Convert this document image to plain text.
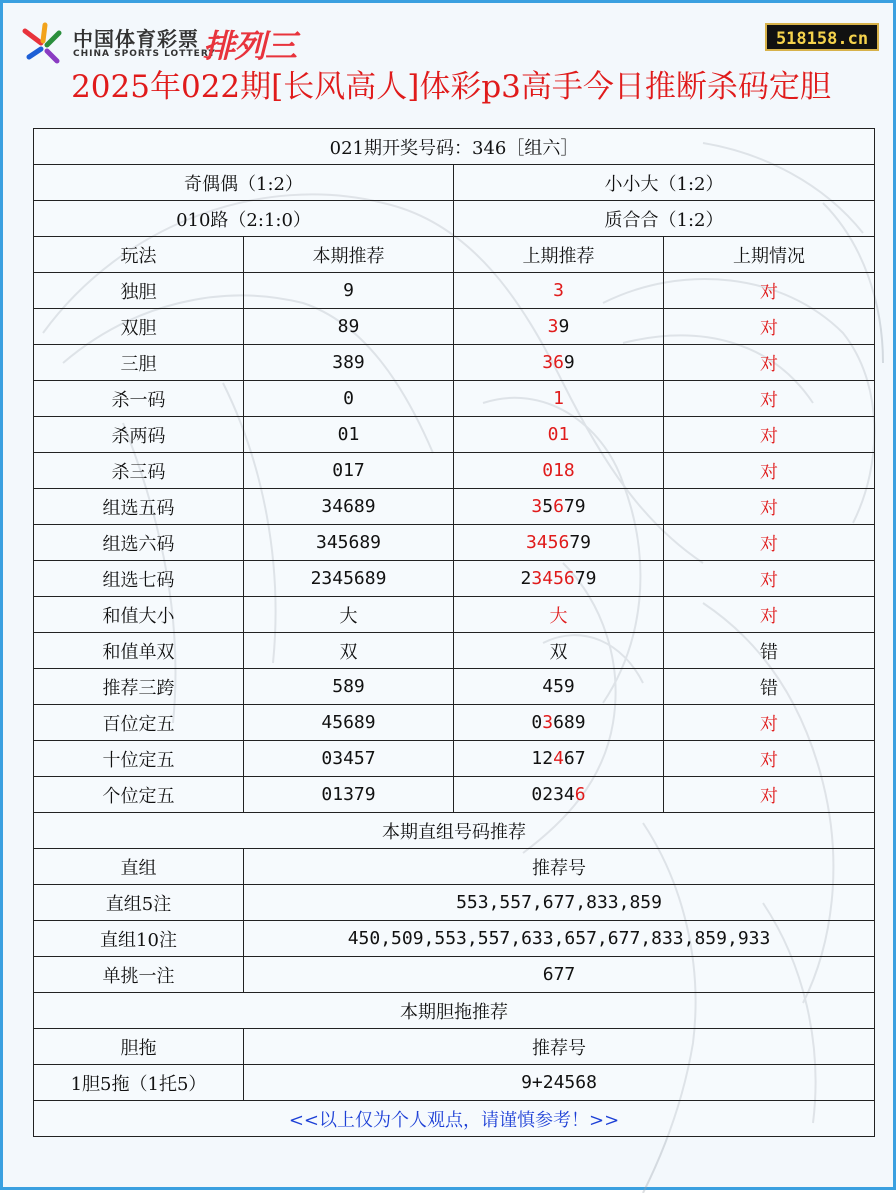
中国体育彩票
CHINA SPORTS LOTTERY
排列三	518158.cn
2025年022期[长风高人]体彩p3高手今日推断杀码定胆
021期开奖号码：346［组六］			
奇偶偶（1:2）		小小大（1:2）	
010路（2:1:0）		质合合（1:2）	
玩法	本期推荐	上期推荐	上期情况
独胆	9	3	对
双胆	89	39	对
三胆	389	369	对
杀一码	0	1	对
杀两码	01	01	对
杀三码	017	018	对
组选五码	34689	35679	对
组选六码	345689	345679	对
组选七码	2345689	2345679	对
和值大小	大	大	对
和值单双	双	双	错
推荐三跨	589	459	错
百位定五	45689	03689	对
十位定五	03457	12467	对
个位定五	01379	02346	对
本期直组号码推荐			
直组	推荐号		
直组5注	553,557,677,833,859		
直组10注	450,509,553,557,633,657,677,833,859,933		
单挑一注	677		
本期胆拖推荐			
胆拖	推荐号		
1胆5拖（1托5）	9+24568		
<<以上仅为个人观点，请谨慎参考！>>			
